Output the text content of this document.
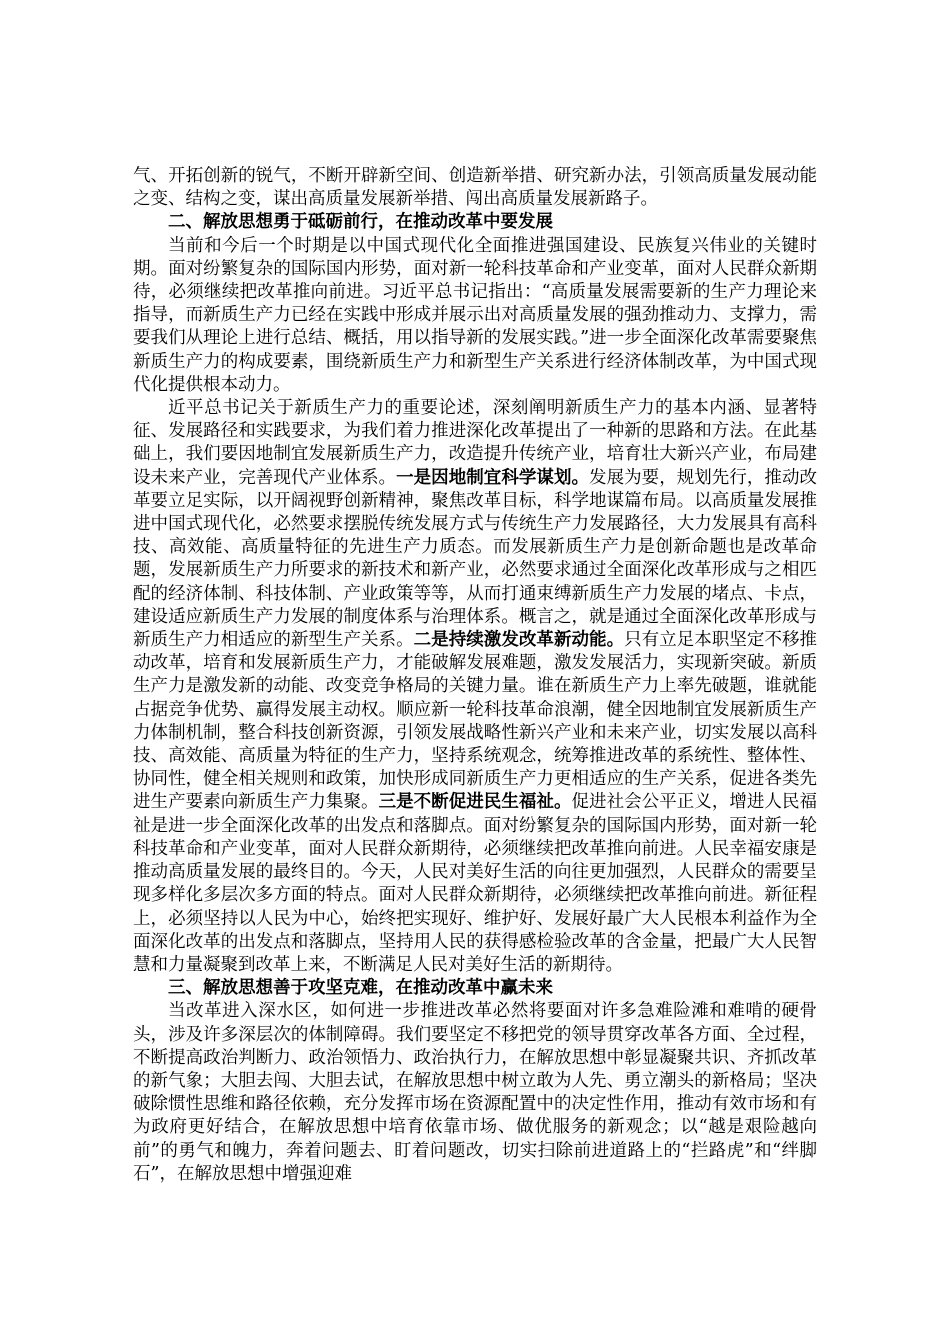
气、开拓创新的锐气，不断开辟新空间、创造新举措、研究新办法，引领高质量发展动能之变、结构之变，谋出高质量发展新举措、闯出高质量发展新路子。

二、解放思想勇于砥砺前行，在推动改革中要发展

当前和今后一个时期是以中国式现代化全面推进强国建设、民族复兴伟业的关键时期。面对纷繁复杂的国际国内形势，面对新一轮科技革命和产业变革，面对人民群众新期待，必须继续把改革推向前进。习近平总书记指出：“高质量发展需要新的生产力理论来指导，而新质生产力已经在实践中形成并展示出对高质量发展的强劲推动力、支撑力，需要我们从理论上进行总结、概括，用以指导新的发展实践。”进一步全面深化改革需要聚焦新质生产力的构成要素，围绕新质生产力和新型生产关系进行经济体制改革，为中国式现代化提供根本动力。

近平总书记关于新质生产力的重要论述，深刻阐明新质生产力的基本内涵、显著特征、发展路径和实践要求，为我们着力推进深化改革提出了一种新的思路和方法。在此基础上，我们要因地制宜发展新质生产力，改造提升传统产业，培育壮大新兴产业，布局建设未来产业，完善现代产业体系。一是因地制宜科学谋划。发展为要，规划先行，推动改革要立足实际，以开阔视野创新精神，聚焦改革目标，科学地谋篇布局。以高质量发展推进中国式现代化，必然要求摆脱传统发展方式与传统生产力发展路径，大力发展具有高科技、高效能、高质量特征的先进生产力质态。而发展新质生产力是创新命题也是改革命题，发展新质生产力所要求的新技术和新产业，必然要求通过全面深化改革形成与之相匹配的经济体制、科技体制、产业政策等等，从而打通束缚新质生产力发展的堵点、卡点，建设适应新质生产力发展的制度体系与治理体系。概言之，就是通过全面深化改革形成与新质生产力相适应的新型生产关系。二是持续激发改革新动能。只有立足本职坚定不移推动改革，培育和发展新质生产力，才能破解发展难题，激发发展活力，实现新突破。新质生产力是激发新的动能、改变竞争格局的关键力量。谁在新质生产力上率先破题，谁就能占据竞争优势、赢得发展主动权。顺应新一轮科技革命浪潮，健全因地制宜发展新质生产力体制机制，整合科技创新资源，引领发展战略性新兴产业和未来产业，切实发展以高科技、高效能、高质量为特征的生产力，坚持系统观念，统筹推进改革的系统性、整体性、协同性，健全相关规则和政策，加快形成同新质生产力更相适应的生产关系，促进各类先进生产要素向新质生产力集聚。三是不断促进民生福祉。促进社会公平正义，增进人民福祉是进一步全面深化改革的出发点和落脚点。面对纷繁复杂的国际国内形势，面对新一轮科技革命和产业变革，面对人民群众新期待，必须继续把改革推向前进。人民幸福安康是推动高质量发展的最终目的。今天，人民对美好生活的向往更加强烈，人民群众的需要呈现多样化多层次多方面的特点。面对人民群众新期待，必须继续把改革推向前进。新征程上，必须坚持以人民为中心，始终把实现好、维护好、发展好最广大人民根本利益作为全面深化改革的出发点和落脚点，坚持用人民的获得感检验改革的含金量，把最广大人民智慧和力量凝聚到改革上来，不断满足人民对美好生活的新期待。

三、解放思想善于攻坚克难，在推动改革中赢未来

当改革进入深水区，如何进一步推进改革必然将要面对许多急难险滩和难啃的硬骨头，涉及许多深层次的体制障碍。我们要坚定不移把党的领导贯穿改革各方面、全过程，不断提高政治判断力、政治领悟力、政治执行力，在解放思想中彰显凝聚共识、齐抓改革的新气象；大胆去闯、大胆去试，在解放思想中树立敢为人先、勇立潮头的新格局；坚决破除惯性思维和路径依赖，充分发挥市场在资源配置中的决定性作用，推动有效市场和有为政府更好结合，在解放思想中培育依靠市场、做优服务的新观念；以“越是艰险越向前”的勇气和魄力，奔着问题去、盯着问题改，切实扫除前进道路上的“拦路虎”和“绊脚石”，在解放思想中增强迎难
